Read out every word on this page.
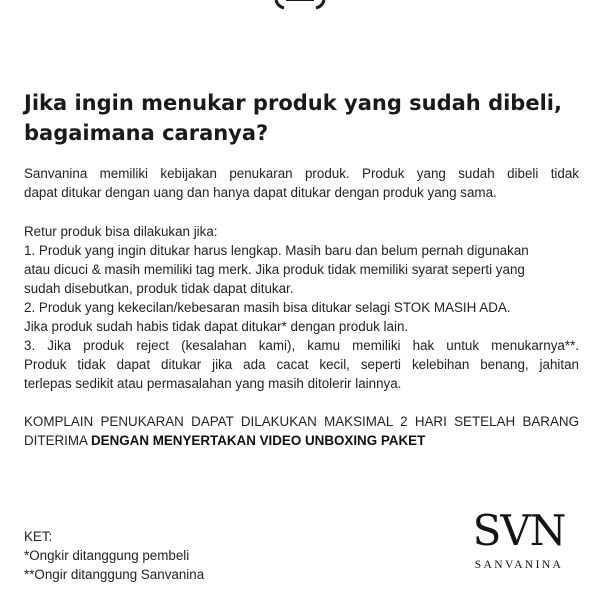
Jika ingin menukar produk yang sudah dibeli,
bagaimana caranya?

Sanvanina memiliki kebijakan penukaran produk. Produk yang sudah dibeli tidak
dapat ditukar dengan uang dan hanya dapat ditukar dengan produk yang sama.

Retur produk bisa dilakukan jika:
1. Produk yang ingin ditukar harus lengkap. Masih baru dan belum pernah digunakan
atau dicuci & masih memiliki tag merk. Jika produk tidak memiliki syarat seperti yang
sudah disebutkan, produk tidak dapat ditukar.
2. Produk yang kekecilan/kebesaran masih bisa ditukar selagi STOK MASIH ADA.
Jika produk sudah habis tidak dapat ditukar* dengan produk lain.
3. Jika produk reject (kesalahan kami), kamu memiliki hak untuk menukarnya**.
Produk tidak dapat ditukar jika ada cacat kecil, seperti kelebihan benang, jahitan
terlepas sedikit atau permasalahan yang masih ditolerir lainnya.

KOMPLAIN PENUKARAN DAPAT DILAKUKAN MAKSIMAL 2 HARI SETELAH BARANG
DITERIMA DENGAN MENYERTAKAN VIDEO UNBOXING PAKET

KET:
*Ongkir ditanggung pembeli
**Ongir ditanggung Sanvanina
SVN
SANVANINA
